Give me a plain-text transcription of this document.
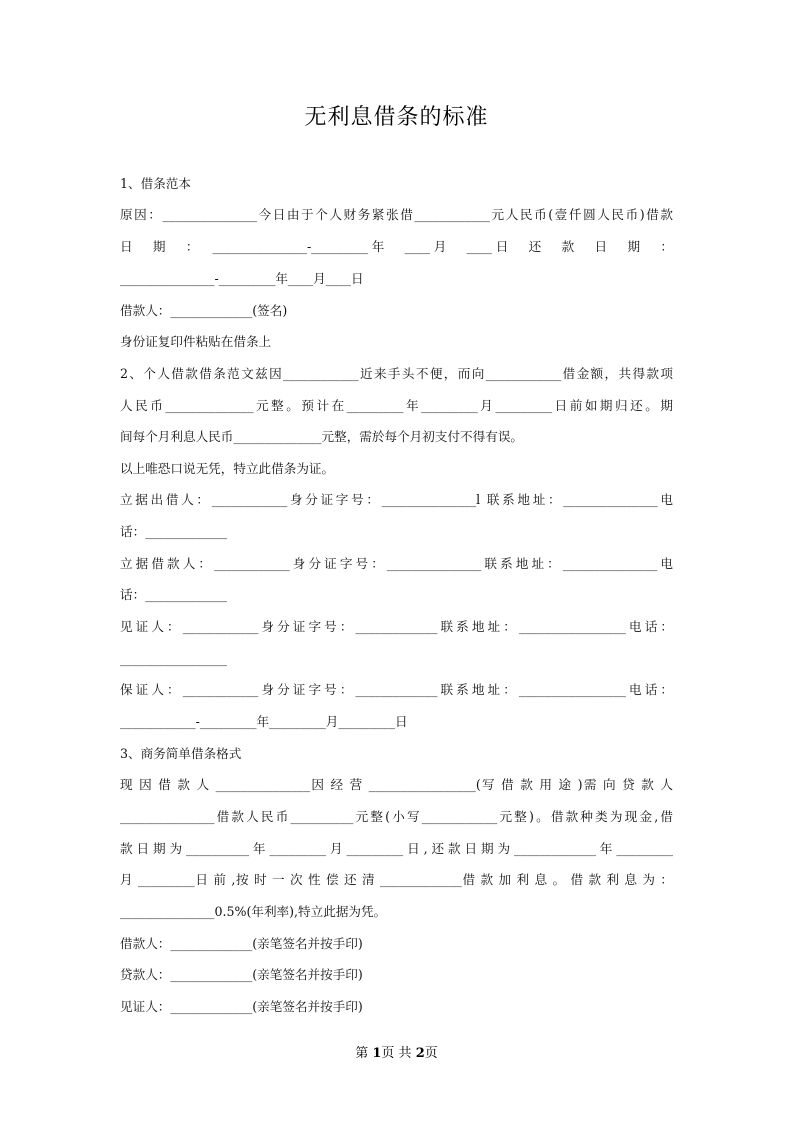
无利息借条的标准
1、借条范本
原因：_______________今日由于个人财务紧张借____________元人民币(壹仟圆人民币)借款
日　期　：　_______________-_________年　____月　____日　还　款　日　期　：
_______________-_________年____月____日
借款人：_____________(签名)
身份证复印件粘贴在借条上
2、个人借款借条范文兹因____________近来手头不便，而向____________借金额，共得款项
人民币______________元整。预计在_________年_________月_________日前如期归还。期
间每个月利息人民币______________元整，需於每个月初支付不得有误。
以上唯恐口说无凭，特立此借条为证。
立据出借人：____________身分证字号：_______________l 联系地址：_______________电
话：_____________
立据借款人：____________身分证字号：_______________联系地址：_______________电
话：_____________
见证人：____________身分证字号：_____________联系地址：_________________电话：
_________________
保证人：____________身分证字号：_____________联系地址：_________________电话：
____________-_________年_________月_________日
3、商务简单借条格式
现 因 借 款 人 _______________因 经 营 _________________(写 借 款 用 途 )需 向 贷 款 人
_______________借款人民币__________元整(小写____________元整)。借款种类为现金,借
款日期为__________年_________月_________日,还款日期为_____________年_________
月 _________日 前 ,按 时 一 次 性 偿 还 清 _____________借 款 加 利 息 。 借 款 利 息 为 ：
_______________0.5%(年利率),特立此据为凭。
借款人：_____________(亲笔签名并按手印)
贷款人：_____________(亲笔签名并按手印)
见证人：_____________(亲笔签名并按手印)
第 1页 共 2页
